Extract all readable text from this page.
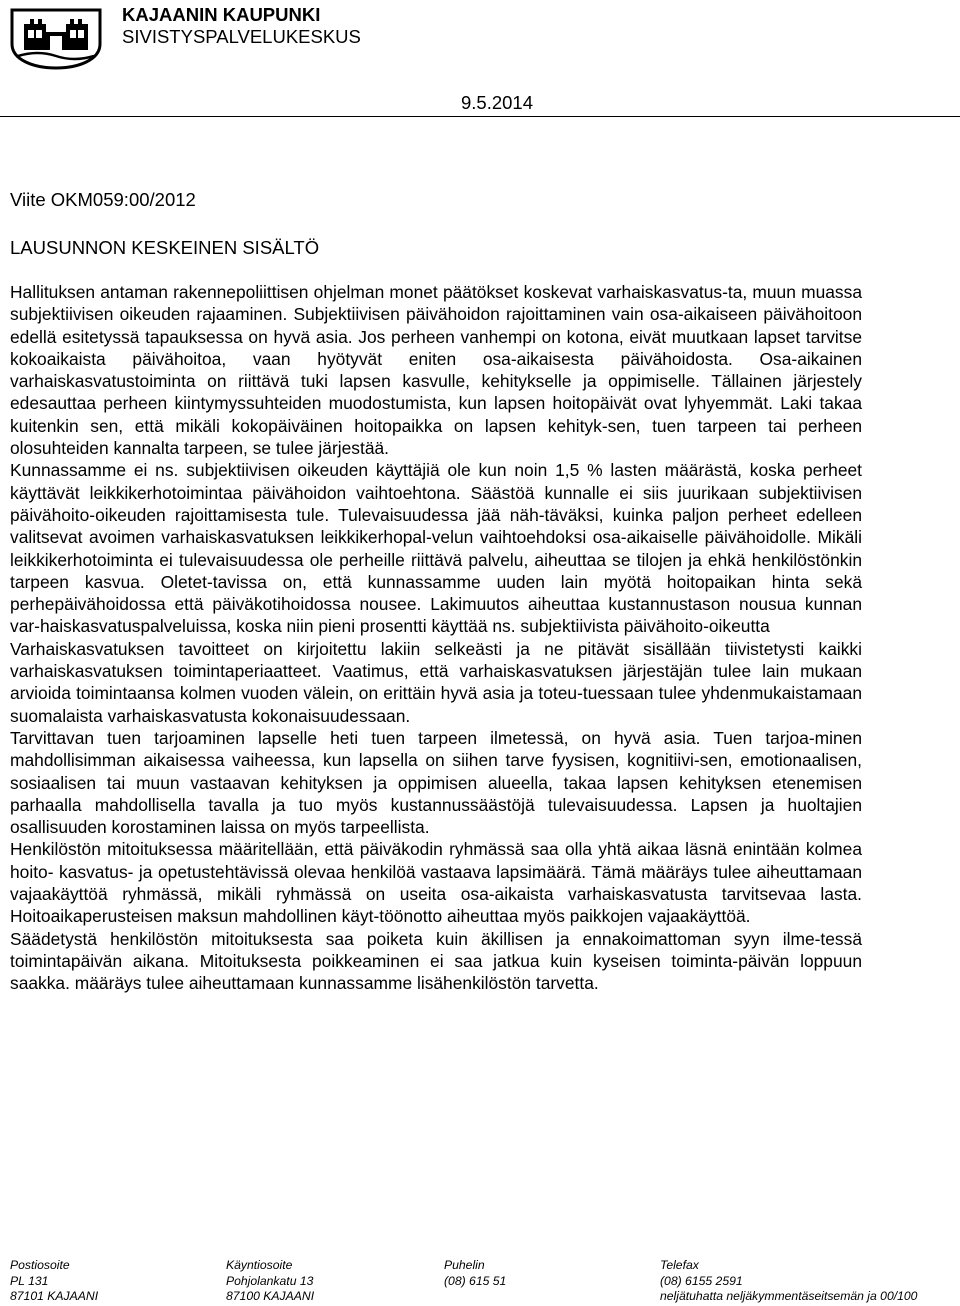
KAJAANIN KAUPUNKI
SIVISTYSPALVELUKESKUS
9.5.2014
Viite OKM059:00/2012
LAUSUNNON KESKEINEN SISÄLTÖ

Hallituksen antaman rakennepoliittisen ohjelman monet päätökset koskevat varhaiskasvatus-ta, muun muassa subjektiivisen oikeuden rajaaminen. Subjektiivisen päivähoidon rajoittaminen vain osa-aikaiseen päivähoitoon edellä esitetyssä tapauksessa on hyvä asia. Jos perheen vanhempi on kotona, eivät muutkaan lapset tarvitse kokoaikaista päivähoitoa, vaan hyötyvät eniten osa-aikaisesta päivähoidosta. Osa-aikainen varhaiskasvatustoiminta on riittävä tuki lapsen kasvulle, kehitykselle ja oppimiselle. Tällainen järjestely edesauttaa perheen kiintymyssuhteiden muodostumista, kun lapsen hoitopäivät ovat lyhyemmät. Laki takaa kuitenkin sen, että mikäli kokopäiväinen hoitopaikka on lapsen kehityk-sen, tuen tarpeen tai perheen olosuhteiden kannalta tarpeen, se tulee järjestää.

Kunnassamme ei ns. subjektiivisen oikeuden käyttäjiä ole kun noin 1,5 % lasten määrästä, koska perheet käyttävät leikkikerhotoimintaa päivähoidon vaihtoehtona. Säästöä kunnalle ei siis juurikaan subjektiivisen päivähoito-oikeuden rajoittamisesta tule. Tulevaisuudessa jää näh-täväksi, kuinka paljon perheet edelleen valitsevat avoimen varhaiskasvatuksen leikkikerhopal-velun vaihtoehdoksi osa-aikaiselle päivähoidolle. Mikäli leikkikerhotoiminta ei tulevaisuudessa ole perheille riittävä palvelu, aiheuttaa se tilojen ja ehkä henkilöstönkin tarpeen kasvua. Oletet-tavissa on, että kunnassamme uuden lain myötä hoitopaikan hinta sekä perhepäivähoidossa että päiväkotihoidossa nousee. Lakimuutos aiheuttaa kustannustason nousua kunnan var-haiskasvatuspalveluissa, koska niin pieni prosentti käyttää ns. subjektiivista päivähoito-oikeutta

Varhaiskasvatuksen tavoitteet on kirjoitettu lakiin selkeästi ja ne pitävät sisällään tiivistetysti kaikki varhaiskasvatuksen toimintaperiaatteet. Vaatimus, että varhaiskasvatuksen järjestäjän tulee lain mukaan arvioida toimintaansa kolmen vuoden välein, on erittäin hyvä asia ja toteu-tuessaan tulee yhdenmukaistamaan suomalaista varhaiskasvatusta kokonaisuudessaan.

Tarvittavan tuen tarjoaminen lapselle heti tuen tarpeen ilmetessä, on hyvä asia. Tuen tarjoa-minen mahdollisimman aikaisessa vaiheessa, kun lapsella on siihen tarve fyysisen, kognitiivi-sen, emotionaalisen, sosiaalisen tai muun vastaavan kehityksen ja oppimisen alueella, takaa lapsen kehityksen etenemisen parhaalla mahdollisella tavalla ja tuo myös kustannussäästöjä tulevaisuudessa. Lapsen ja huoltajien osallisuuden korostaminen laissa on myös tarpeellista.

Henkilöstön mitoituksessa määritellään, että päiväkodin ryhmässä saa olla yhtä aikaa läsnä enintään kolmea hoito- kasvatus- ja opetustehtävissä olevaa henkilöä vastaava lapsimäärä. Tämä määräys tulee aiheuttamaan vajaakäyttöä ryhmässä, mikäli ryhmässä on useita osa-aikaista varhaiskasvatusta tarvitsevaa lasta. Hoitoaikaperusteisen maksun mahdollinen käyt-töönotto aiheuttaa myös paikkojen vajaakäyttöä.

Säädetystä henkilöstön mitoituksesta saa poiketa kuin äkillisen ja ennakoimattoman syyn ilme-tessä toimintapäivän aikana. Mitoituksesta poikkeaminen ei saa jatkua kuin kyseisen toiminta-päivän loppuun saakka. määräys tulee aiheuttamaan kunnassamme lisähenkilöstön tarvetta.

Postiosoite
PL 131
87101 KAJAANI
Käyntiosoite
Pohjolankatu 13
87100 KAJAANI
Puhelin
(08) 615 51
Telefax
(08) 6155 2591
neljätuhatta neljäkymmentäseitsemän ja 00/100
